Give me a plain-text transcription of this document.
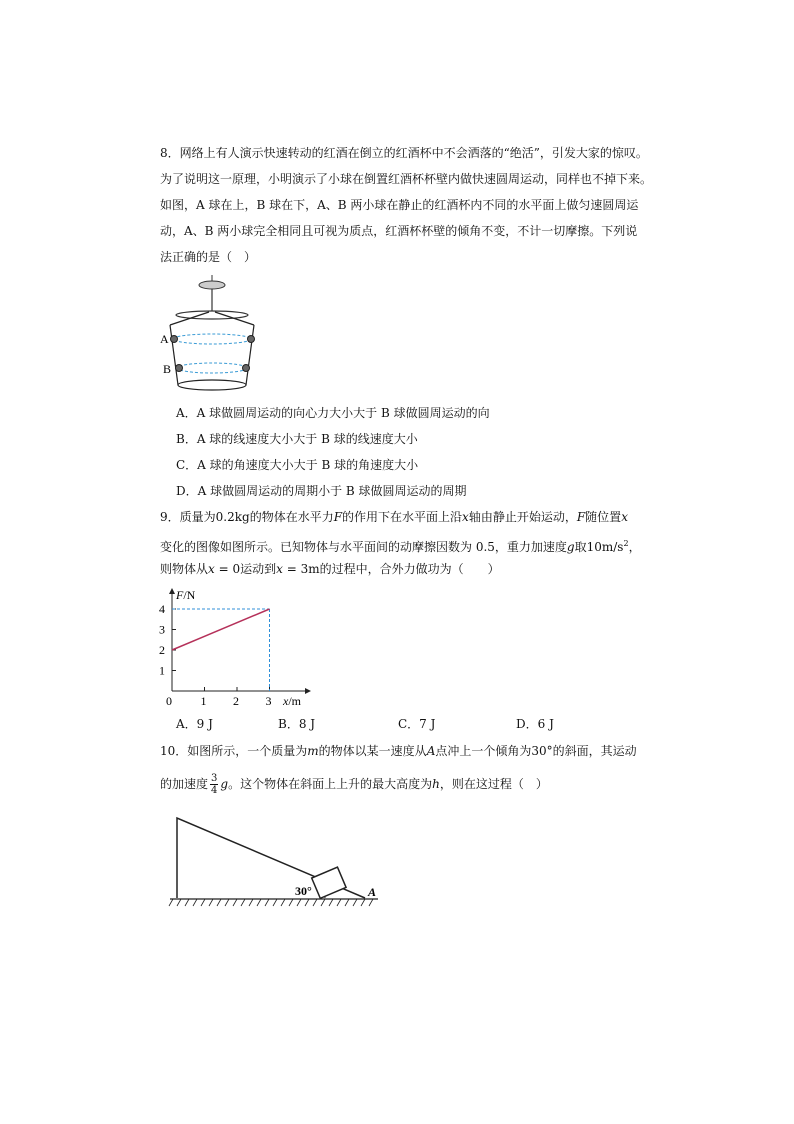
8．网络上有人演示快速转动的红酒在倒立的红酒杯中不会洒落的“绝活”，引发大家的惊叹。
为了说明这一原理，小明演示了小球在倒置红酒杯杯壁内做快速圆周运动，同样也不掉下来。
如图，A 球在上，B 球在下，A、B 两小球在静止的红酒杯内不同的水平面上做匀速圆周运
动，A、B 两小球完全相同且可视为质点，红酒杯杯壁的倾角不变，不计一切摩擦。下列说
法正确的是（　）
A
B
A．A 球做圆周运动的向心力大小大于 B 球做圆周运动的向
B．A 球的线速度大小大于 B 球的线速度大小
C．A 球的角速度大小大于 B 球的角速度大小
D．A 球做圆周运动的周期小于 B 球做圆周运动的周期
9．质量为0.2kg的物体在水平力F的作用下在水平面上沿x轴由静止开始运动，F随位置x
变化的图像如图所示。已知物体与水平面间的动摩擦因数为 0.5，重力加速度g取$10m/s^2$，
则物体从x = 0运动到x = 3m的过程中，合外力做功为（　　）
F/N
x/m
0 1 2 3
1
2
3
4
A．9 J	B．8 J	C．7 J	D．6 J
10．如图所示，一个质量为m的物体以某一速度从A点冲上一个倾角为30°的斜面，其运动
的加速度 $\frac{3}{4}$ g。这个物体在斜面上上升的最大高度为h，则在这过程（　）
30°	A
